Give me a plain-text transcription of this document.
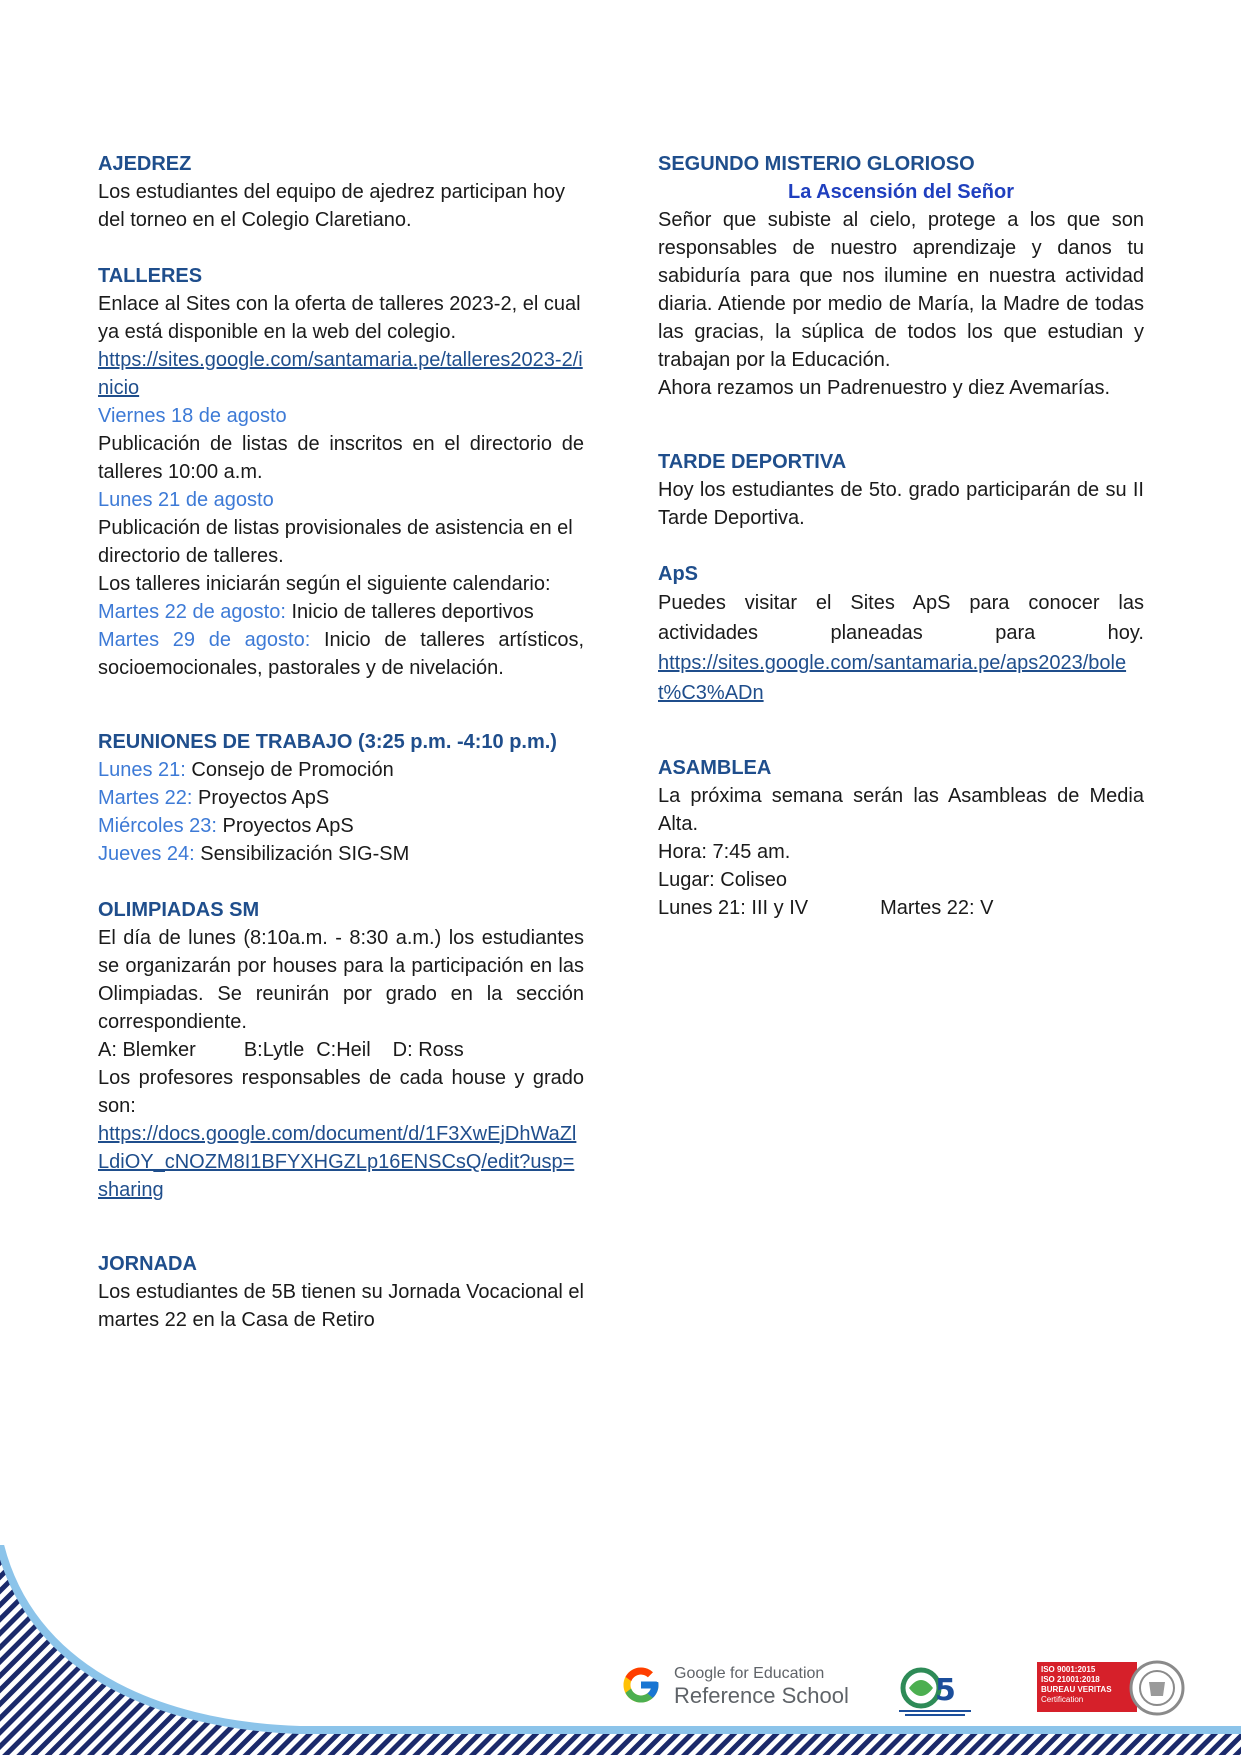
AJEDREZ

Los estudiantes del equipo de ajedrez participan hoy del torneo en el Colegio Claretiano.

TALLERES

Enlace al Sites con la oferta de talleres 2023-2, el cual ya está disponible en la web del colegio.

https://sites.google.com/santamaria.pe/talleres2023-2/inicio

Viernes 18 de agosto

Publicación de listas de inscritos en el directorio de talleres 10:00 a.m.

Lunes 21 de agosto

Publicación de listas provisionales de asistencia en el directorio de talleres.

Los talleres iniciarán según el siguiente calendario:

Martes 22 de agosto: Inicio de talleres deportivos

Martes 29 de agosto: Inicio de talleres artísticos, socioemocionales, pastorales y de nivelación.

REUNIONES DE TRABAJO (3:25 p.m. -4:10 p.m.)

Lunes 21: Consejo de Promoción

Martes 22: Proyectos ApS

Miércoles 23: Proyectos ApS

Jueves 24: Sensibilización SIG-SM

OLIMPIADAS SM

El día de lunes (8:10a.m. - 8:30 a.m.) los estudiantes se organizarán por houses para la participación en las Olimpiadas. Se reunirán por grado en la sección correspondiente.

A: Blemker B:Lytle C:Heil D: Ross

Los profesores responsables de cada house y grado son:

https://docs.google.com/document/d/1F3XwEjDhWaZlLdiOY_cNOZM8I1BFYXHGZLp16ENSCsQ/edit?usp=sharing

JORNADA

Los estudiantes de 5B tienen su Jornada Vocacional el martes 22 en la Casa de Retiro

SEGUNDO MISTERIO GLORIOSO

La Ascensión del Señor

Señor que subiste al cielo, protege a los que son responsables de nuestro aprendizaje y danos tu sabiduría para que nos ilumine en nuestra actividad diaria. Atiende por medio de María, la Madre de todas las gracias, la súplica de todos los que estudian y trabajan por la Educación.

Ahora rezamos un Padrenuestro y diez Avemarías.

TARDE DEPORTIVA

Hoy los estudiantes de 5to. grado participarán de su II Tarde Deportiva.

ApS

Puedes visitar el Sites ApS para conocer las actividades planeadas para hoy.

https://sites.google.com/santamaria.pe/aps2023/bolet%C3%ADn

ASAMBLEA

La próxima semana serán las Asambleas de Media Alta.

Hora: 7:45 am.

Lugar: Coliseo

Lunes 21: III y IV	Martes 22: V

Google for Education
Reference School	5
ISO 9001:2015
ISO 21001:2018
BUREAU VERITAS
Certification
